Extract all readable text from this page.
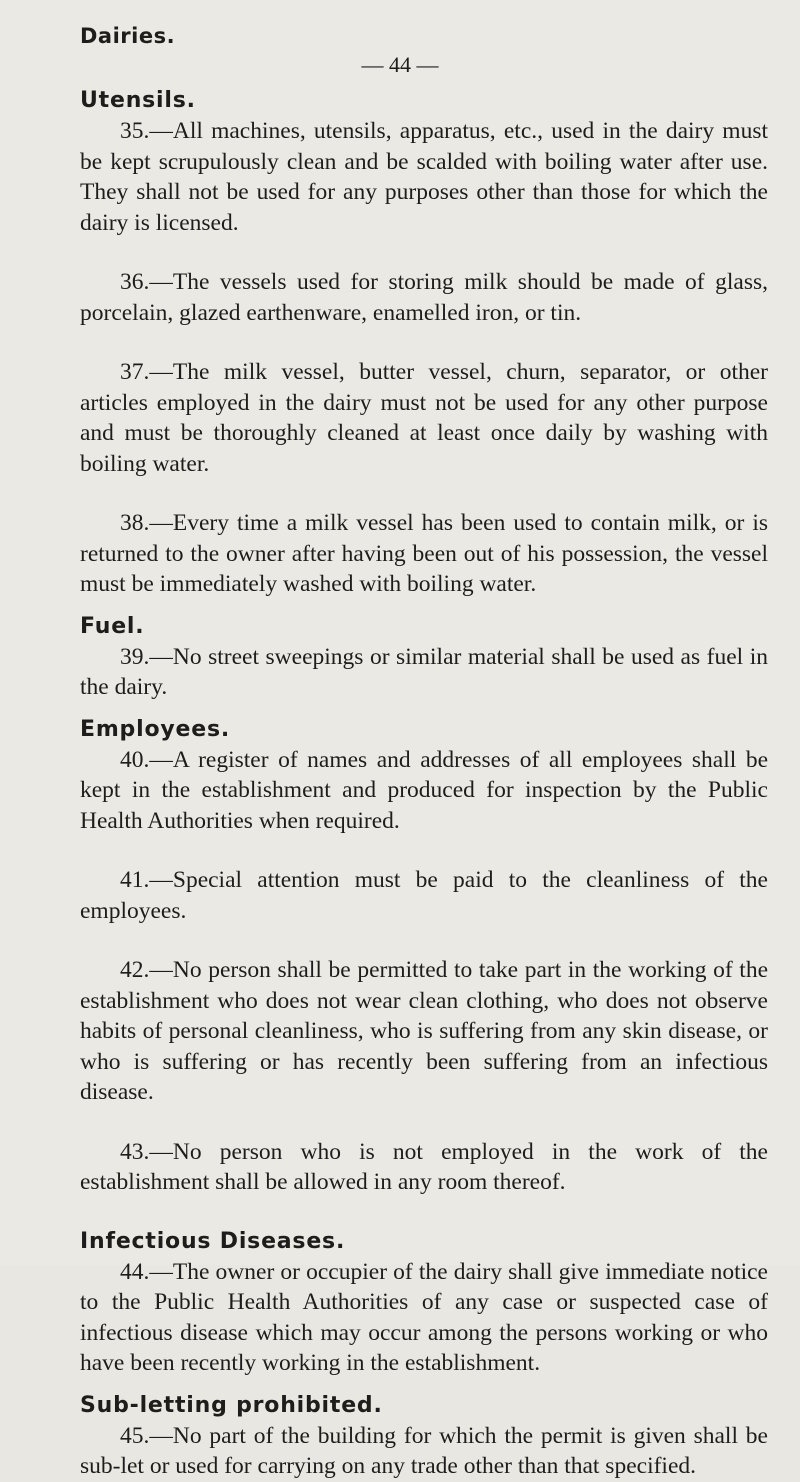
Dairies.
— 44 —
Utensils.

35.—All machines, utensils, apparatus, etc., used in the dairy must be kept scrupulously clean and be scalded with boiling water after use. They shall not be used for any purposes other than those for which the dairy is licensed.

36.—The vessels used for storing milk should be made of glass, porcelain, glazed earthenware, enamelled iron, or tin.

37.—The milk vessel, butter vessel, churn, separator, or other articles employed in the dairy must not be used for any other purpose and must be thoroughly cleaned at least once daily by washing with boiling water.

38.—Every time a milk vessel has been used to contain milk, or is returned to the owner after having been out of his possession, the vessel must be immediately washed with boiling water.

Fuel.

39.—No street sweepings or similar material shall be used as fuel in the dairy.

Employees.

40.—A register of names and addresses of all employees shall be kept in the establishment and produced for inspection by the Public Health Authorities when required.

41.—Special attention must be paid to the cleanliness of the employees.

42.—No person shall be permitted to take part in the working of the establishment who does not wear clean clothing, who does not observe habits of personal cleanliness, who is suffering from any skin disease, or who is suffering or has recently been suffering from an infectious disease.

43.—No person who is not employed in the work of the establishment shall be allowed in any room thereof.

Infectious Diseases.

44.—The owner or occupier of the dairy shall give immediate notice to the Public Health Authorities of any case or suspected case of infectious disease which may occur among the persons working or who have been recently working in the establishment.

Sub-letting prohibited.

45.—No part of the building for which the permit is given shall be sub-let or used for carrying on any trade other than that specified.
